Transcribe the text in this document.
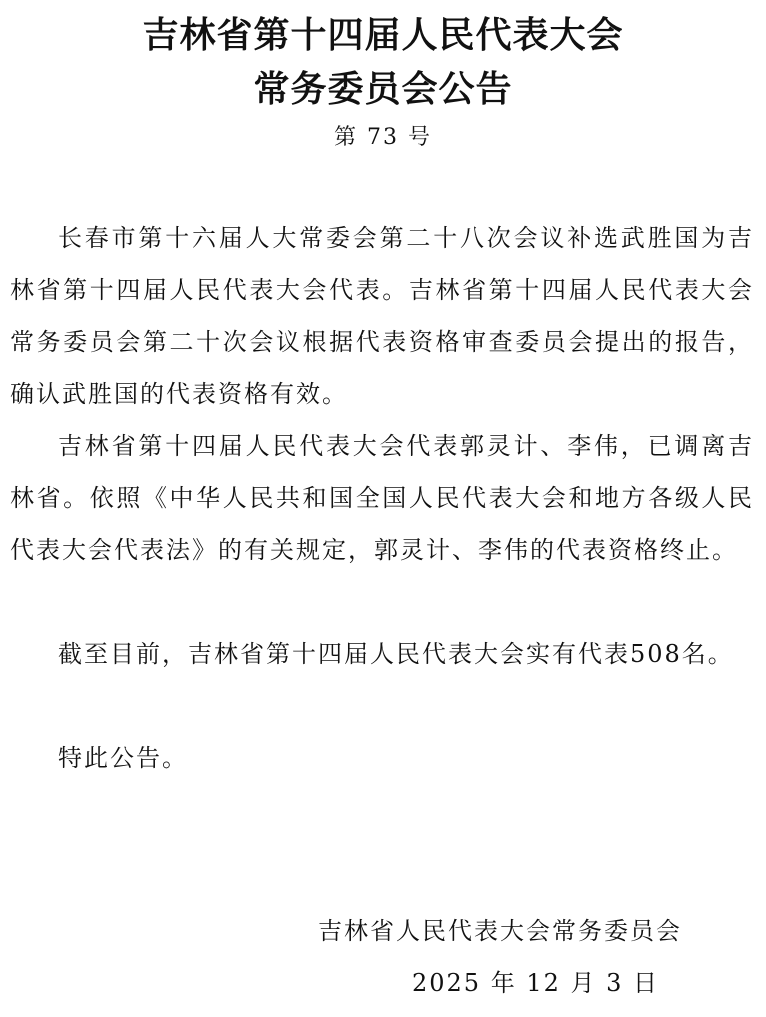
吉林省第十四届人民代表大会
常务委员会公告
第 73 号

长春市第十六届人大常委会第二十八次会议补选武胜国为吉林省第十四届人民代表大会代表。吉林省第十四届人民代表大会常务委员会第二十次会议根据代表资格审查委员会提出的报告，确认武胜国的代表资格有效。

吉林省第十四届人民代表大会代表郭灵计、李伟，已调离吉林省。依照《中华人民共和国全国人民代表大会和地方各级人民代表大会代表法》的有关规定，郭灵计、李伟的代表资格终止。

截至目前，吉林省第十四届人民代表大会实有代表508名。

特此公告。

吉林省人民代表大会常务委员会
2025 年 12 月 3 日
